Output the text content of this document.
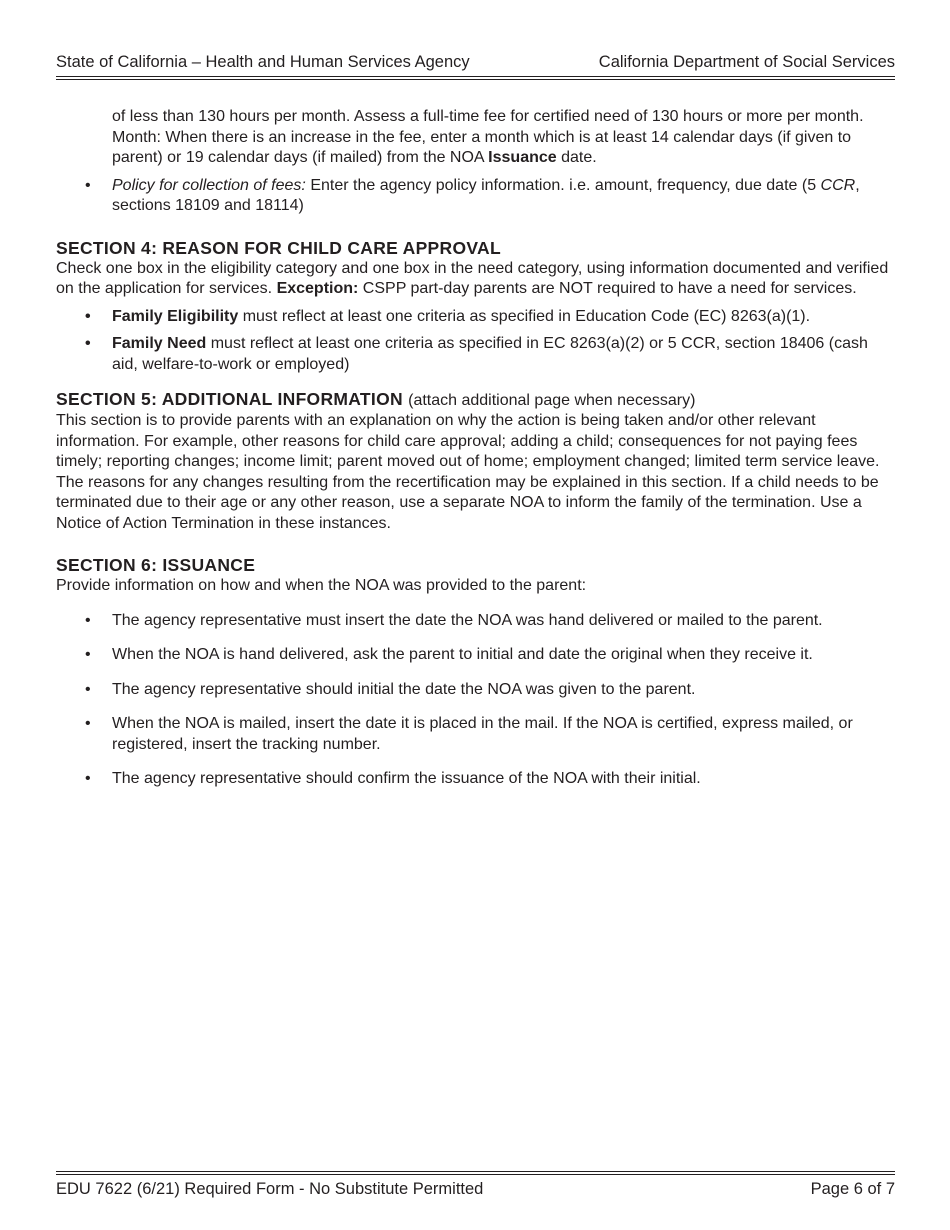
State of California – Health and Human Services Agency	California Department of Social Services

of less than 130 hours per month. Assess a full-time fee for certified need of 130 hours or more per month. Month: When there is an increase in the fee, enter a month which is at least 14 calendar days (if given to parent) or 19 calendar days (if mailed) from the NOA Issuance date.

• Policy for collection of fees: Enter the agency policy information. i.e. amount, frequency, due date (5 CCR, sections 18109 and 18114)
SECTION 4: REASON FOR CHILD CARE APPROVAL

Check one box in the eligibility category and one box in the need category, using information documented and verified on the application for services. Exception: CSPP part-day parents are NOT required to have a need for services.

• Family Eligibility must reflect at least one criteria as specified in Education Code (EC) 8263(a)(1).
• Family Need must reflect at least one criteria as specified in EC 8263(a)(2) or 5 CCR, section 18406 (cash aid, welfare-to-work or employed)
SECTION 5: ADDITIONAL INFORMATION (attach additional page when necessary)

This section is to provide parents with an explanation on why the action is being taken and/or other relevant information. For example, other reasons for child care approval; adding a child; consequences for not paying fees timely; reporting changes; income limit; parent moved out of home; employment changed; limited term service leave. The reasons for any changes resulting from the recertification may be explained in this section. If a child needs to be terminated due to their age or any other reason, use a separate NOA to inform the family of the termination. Use a Notice of Action Termination in these instances.

SECTION 6: ISSUANCE

Provide information on how and when the NOA was provided to the parent:

• The agency representative must insert the date the NOA was hand delivered or mailed to the parent.
• When the NOA is hand delivered, ask the parent to initial and date the original when they receive it.
• The agency representative should initial the date the NOA was given to the parent.
• When the NOA is mailed, insert the date it is placed in the mail. If the NOA is certified, express mailed, or registered, insert the tracking number.
• The agency representative should confirm the issuance of the NOA with their initial.
EDU 7622 (6/21) Required Form - No Substitute Permitted	Page 6 of 7
